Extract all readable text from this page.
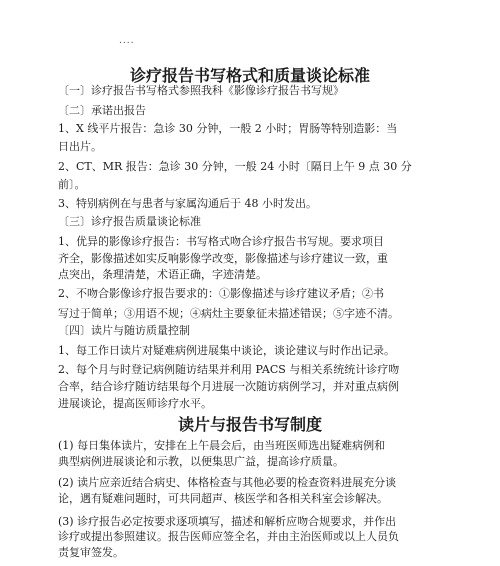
....
诊疗报告书写格式和质量谈论标准
〔一〕诊疗报告书写格式参照我科《影像诊疗报告书写规》
〔二〕承诺出报告
1、X 线平片报告：急诊 30 分钟，一般 2 小时；胃肠等特别造影：当
日出片。
2、CT、MR 报告：急诊 30 分钟，一般 24 小时〔隔日上午 9 点 30 分
前〕。
3、特别病例在与患者与家属沟通后于 48 小时发出。
〔三〕诊疗报告质量谈论标准
1、优异的影像诊疗报告：书写格式吻合诊疗报告书写规。要求项目
齐全，影像描述如实反响影像学改变，影像描述与诊疗建议一致，重
点突出，条理清楚，术语正确，字迹清楚。
2、不吻合影像诊疗报告要求的：①影像描述与诊疗建议矛盾；②书
写过于简单；③用语不规；④病灶主要象征未描述错误；⑤字迹不清。
〔四〕读片与随访质量控制
1、每工作日读片对疑难病例进展集中谈论，谈论建议与时作出记录。
2、每个月与时登记病例随访结果并利用 PACS 与相关系统统计诊疗吻
合率，结合诊疗随访结果每个月进展一次随访病例学习，并对重点病例
进展谈论，提高医师诊疗水平。
读片与报告书写制度
(1) 每日集体读片，安排在上午晨会后，由当班医师选出疑难病例和
典型病例进展谈论和示教，以便集思广益，提高诊疗质量。
(2) 读片应亲近结合病史、体格检查与其他必要的检查资料进展充分谈
论，遇有疑难问题时，可共同超声、核医学和各相关科室会诊解决。
(3) 诊疗报告必定按要求逐项填写，描述和解析应吻合规要求，并作出
诊疗或提出参照建议。报告医师应签全名，并由主治医师或以上人员负
责复审签发。
